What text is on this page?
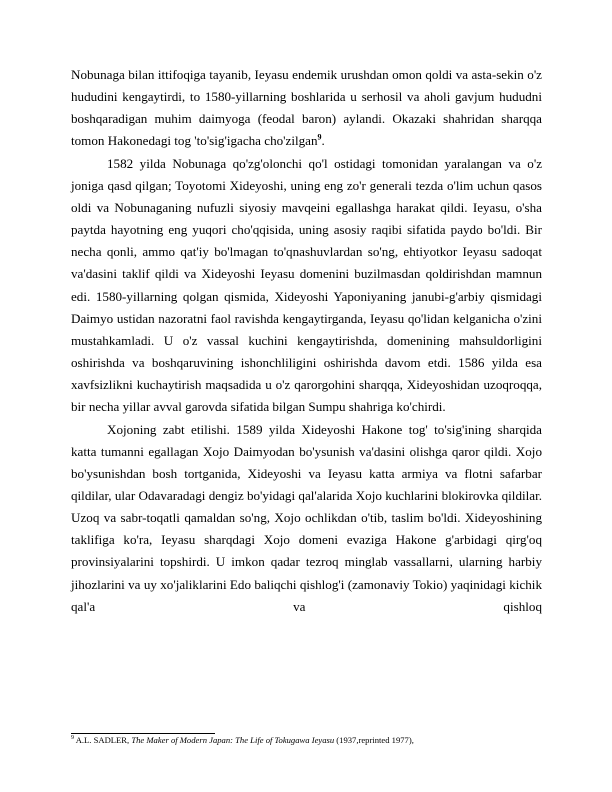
Nobunaga bilan ittifoqiga tayanib, Ieyasu endemik urushdan omon qoldi va asta-sekin o'z hududini kengaytirdi, to 1580-yillarning boshlarida u serhosil va aholi gavjum hududni boshqaradigan muhim daimyoga (feodal baron) aylandi. Okazaki shahridan sharqqa tomon Hakonedagi tog 'to'sig'igacha cho'zilgan$^9$.

1582 yilda Nobunaga qo'zg'olonchi qo'l ostidagi tomonidan yaralangan va o'z joniga qasd qilgan; Toyotomi Xideyoshi, uning eng zo'r generali tezda o'lim uchun qasos oldi va Nobunaganing nufuzli siyosiy mavqeini egallashga harakat qildi. Ieyasu, o'sha paytda hayotning eng yuqori cho'qqisida, uning asosiy raqibi sifatida paydo bo'ldi. Bir necha qonli, ammo qat'iy bo'lmagan to'qnashuvlardan so'ng, ehtiyotkor Ieyasu sadoqat va'dasini taklif qildi va Xideyoshi Ieyasu domenini buzilmasdan qoldirishdan mamnun edi. 1580-yillarning qolgan qismida, Xideyoshi Yaponiyaning janubi-g'arbiy qismidagi Daimyo ustidan nazoratni faol ravishda kengaytirganda, Ieyasu qo'lidan kelganicha o'zini mustahkamladi. U o'z vassal kuchini kengaytirishda, domenining mahsuldorligini oshirishda va boshqaruvining ishonchliligini oshirishda davom etdi. 1586 yilda esa xavfsizlikni kuchaytirish maqsadida u o'z qarorgohini sharqqa, Xideyoshidan uzoqroqqa, bir necha yillar avval garovda sifatida bilgan Sumpu shahriga ko'chirdi.

Xojoning zabt etilishi. 1589 yilda Xideyoshi Hakone tog' to'sig'ining sharqida katta tumanni egallagan Xojo Daimyodan bo'ysunish va'dasini olishga qaror qildi. Xojo bo'ysunishdan bosh tortganida, Xideyoshi va Ieyasu katta armiya va flotni safarbar qildilar, ular Odavaradagi dengiz bo'yidagi qal'alarida Xojo kuchlarini blokirovka qildilar. Uzoq va sabr-toqatli qamaldan so'ng, Xojo ochlikdan o'tib, taslim bo'ldi. Xideyoshining taklifiga ko'ra, Ieyasu sharqdagi Xojo domeni evaziga Hakone g'arbidagi qirg'oq provinsiyalarini topshirdi. U imkon qadar tezroq minglab vassallarni, ularning harbiy jihozlarini va uy xo'jaliklarini Edo baliqchi qishlog'i (zamonaviy Tokio) yaqinidagi kichik qal'a va qishloq

$^9$ A.L. SADLER, The Maker of Modern Japan: The Life of Tokugawa Ieyasu (1937,reprinted 1977),
